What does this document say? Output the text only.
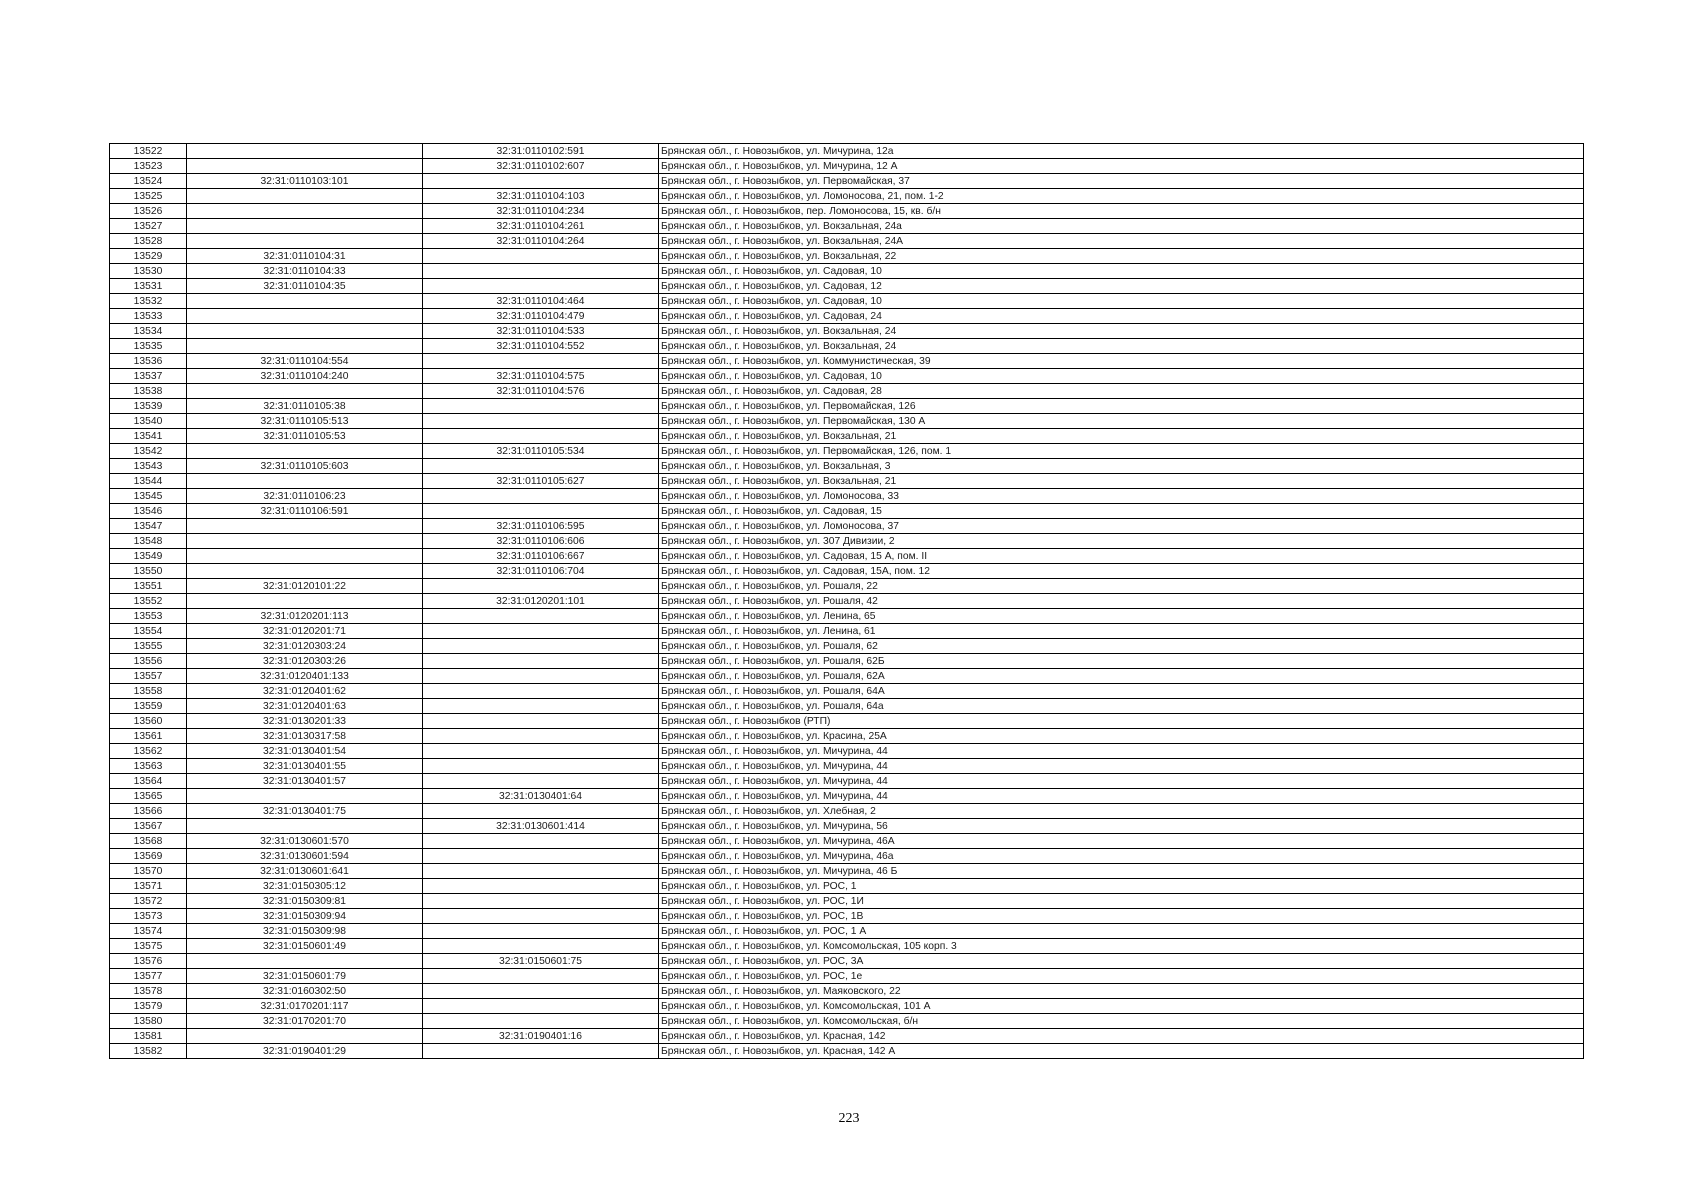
13522		32:31:0110102:591	Брянская обл., г. Новозыбков, ул. Мичурина, 12а
13523		32:31:0110102:607	Брянская обл., г. Новозыбков, ул. Мичурина, 12 А
13524	32:31:0110103:101		Брянская обл., г. Новозыбков, ул. Первомайская, 37
13525		32:31:0110104:103	Брянская обл., г. Новозыбков, ул. Ломоносова, 21, пом. 1-2
13526		32:31:0110104:234	Брянская обл., г. Новозыбков, пер. Ломоносова, 15, кв. б/н
13527		32:31:0110104:261	Брянская обл., г. Новозыбков, ул. Вокзальная, 24а
13528		32:31:0110104:264	Брянская обл., г. Новозыбков, ул. Вокзальная, 24А
13529	32:31:0110104:31		Брянская обл., г. Новозыбков, ул. Вокзальная, 22
13530	32:31:0110104:33		Брянская обл., г. Новозыбков, ул. Садовая, 10
13531	32:31:0110104:35		Брянская обл., г. Новозыбков, ул. Садовая, 12
13532		32:31:0110104:464	Брянская обл., г. Новозыбков, ул. Садовая, 10
13533		32:31:0110104:479	Брянская обл., г. Новозыбков, ул. Садовая, 24
13534		32:31:0110104:533	Брянская обл., г. Новозыбков, ул. Вокзальная, 24
13535		32:31:0110104:552	Брянская обл., г. Новозыбков, ул. Вокзальная, 24
13536	32:31:0110104:554		Брянская обл., г. Новозыбков, ул. Коммунистическая, 39
13537	32:31:0110104:240	32:31:0110104:575	Брянская обл., г. Новозыбков, ул. Садовая, 10
13538		32:31:0110104:576	Брянская обл., г. Новозыбков, ул. Садовая, 28
13539	32:31:0110105:38		Брянская обл., г. Новозыбков, ул. Первомайская, 126
13540	32:31:0110105:513		Брянская обл., г. Новозыбков, ул. Первомайская, 130 А
13541	32:31:0110105:53		Брянская обл., г. Новозыбков, ул. Вокзальная, 21
13542		32:31:0110105:534	Брянская обл., г. Новозыбков, ул. Первомайская, 126, пом. 1
13543	32:31:0110105:603		Брянская обл., г. Новозыбков, ул. Вокзальная, 3
13544		32:31:0110105:627	Брянская обл., г. Новозыбков, ул. Вокзальная, 21
13545	32:31:0110106:23		Брянская обл., г. Новозыбков, ул. Ломоносова, 33
13546	32:31:0110106:591		Брянская обл., г. Новозыбков, ул. Садовая, 15
13547		32:31:0110106:595	Брянская обл., г. Новозыбков, ул. Ломоносова, 37
13548		32:31:0110106:606	Брянская обл., г. Новозыбков, ул. 307 Дивизии, 2
13549		32:31:0110106:667	Брянская обл., г. Новозыбков, ул. Садовая, 15 А, пом. II
13550		32:31:0110106:704	Брянская обл., г. Новозыбков, ул. Садовая, 15А, пом. 12
13551	32:31:0120101:22		Брянская обл., г. Новозыбков, ул. Рошаля, 22
13552		32:31:0120201:101	Брянская обл., г. Новозыбков, ул. Рошаля, 42
13553	32:31:0120201:113		Брянская обл., г. Новозыбков, ул. Ленина, 65
13554	32:31:0120201:71		Брянская обл., г. Новозыбков, ул. Ленина, 61
13555	32:31:0120303:24		Брянская обл., г. Новозыбков, ул. Рошаля, 62
13556	32:31:0120303:26		Брянская обл., г. Новозыбков, ул. Рошаля, 62Б
13557	32:31:0120401:133		Брянская обл., г. Новозыбков, ул. Рошаля, 62А
13558	32:31:0120401:62		Брянская обл., г. Новозыбков, ул. Рошаля, 64А
13559	32:31:0120401:63		Брянская обл., г. Новозыбков, ул. Рошаля, 64а
13560	32:31:0130201:33		Брянская обл., г. Новозыбков (РТП)
13561	32:31:0130317:58		Брянская обл., г. Новозыбков, ул. Красина, 25А
13562	32:31:0130401:54		Брянская обл., г. Новозыбков, ул. Мичурина, 44
13563	32:31:0130401:55		Брянская обл., г. Новозыбков, ул. Мичурина, 44
13564	32:31:0130401:57		Брянская обл., г. Новозыбков, ул. Мичурина, 44
13565		32:31:0130401:64	Брянская обл., г. Новозыбков, ул. Мичурина, 44
13566	32:31:0130401:75		Брянская обл., г. Новозыбков, ул. Хлебная, 2
13567		32:31:0130601:414	Брянская обл., г. Новозыбков, ул. Мичурина, 56
13568	32:31:0130601:570		Брянская обл., г. Новозыбков, ул. Мичурина, 46А
13569	32:31:0130601:594		Брянская обл., г. Новозыбков, ул. Мичурина, 46а
13570	32:31:0130601:641		Брянская обл., г. Новозыбков, ул. Мичурина, 46 Б
13571	32:31:0150305:12		Брянская обл., г. Новозыбков, ул. РОС, 1
13572	32:31:0150309:81		Брянская обл., г. Новозыбков, ул. РОС, 1И
13573	32:31:0150309:94		Брянская обл., г. Новозыбков, ул. РОС, 1В
13574	32:31:0150309:98		Брянская обл., г. Новозыбков, ул. РОС, 1 А
13575	32:31:0150601:49		Брянская обл., г. Новозыбков, ул. Комсомольская, 105 корп. 3
13576		32:31:0150601:75	Брянская обл., г. Новозыбков, ул. РОС, 3А
13577	32:31:0150601:79		Брянская обл., г. Новозыбков, ул. РОС, 1е
13578	32:31:0160302:50		Брянская обл., г. Новозыбков, ул. Маяковского, 22
13579	32:31:0170201:117		Брянская обл., г. Новозыбков, ул. Комсомольская, 101 А
13580	32:31:0170201:70		Брянская обл., г. Новозыбков, ул. Комсомольская, б/н
13581		32:31:0190401:16	Брянская обл., г. Новозыбков, ул. Красная, 142
13582	32:31:0190401:29		Брянская обл., г. Новозыбков, ул. Красная, 142 А
223
